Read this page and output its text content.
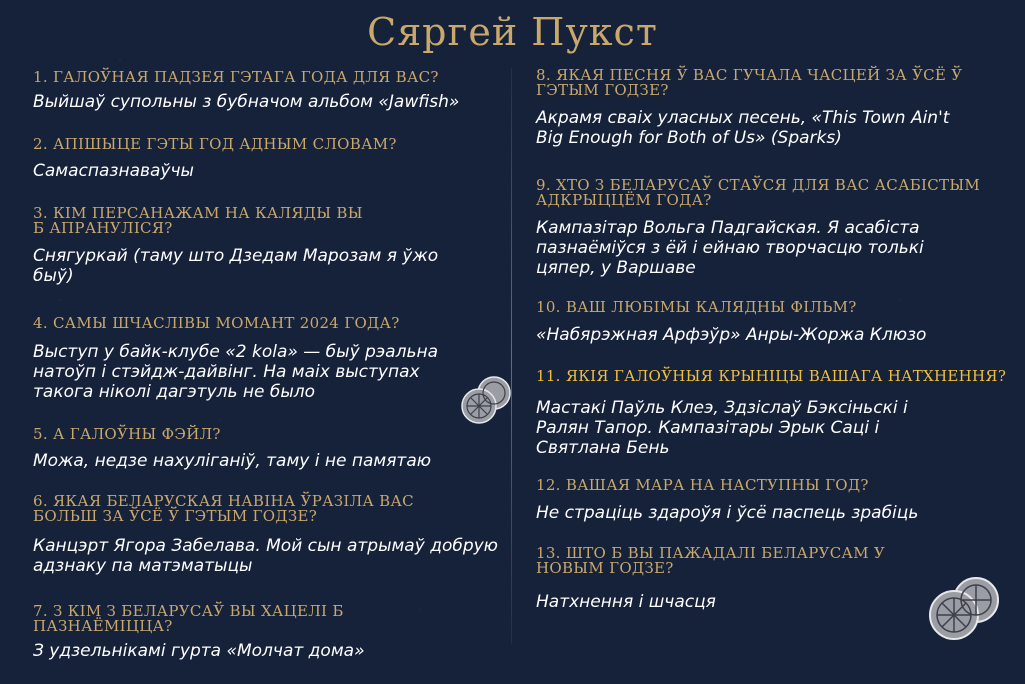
Сяргей Пукст
1. ГАЛОЎНАЯ ПАДЗЕЯ ГЭТАГА ГОДА ДЛЯ ВАС?
Выйшаў супольны з бубначом альбом «Jawfish»
2. АПІШЫЦЕ ГЭТЫ ГОД АДНЫМ СЛОВАМ?
Самаспазнаваўчы
3. КІМ ПЕРСАНАЖАМ НА КАЛЯДЫ ВЫ Б АПРАНУЛIСЯ?
Снягуркай (таму што Дзедам Марозам я ўжо быў)
4. САМЫ ШЧАСЛІВЫ МОМАНТ 2024 ГОДА?
Выступ у байк-клубе «2 kola» — быў рэальна натоўп і стэйдж-дайвінг. На маіх выступах такога ніколі дагэтуль не было
5. А ГАЛОЎНЫ ФЭЙЛ?
Можа, недзе нахуліганіў, таму і не памятаю
6. ЯКАЯ БЕЛАРУСКАЯ НАВІНА ЎРАЗІЛА ВАС БОЛЬШ ЗА ЎСЁ Ў ГЭТЫМ ГОДЗЕ?
Канцэрт Ягора Забелава. Мой сын атрымаў добрую адзнаку па матэматыцы
7. З КІМ З БЕЛАРУСАЎ ВЫ ХАЦЕЛІ Б ПАЗНАЁМІЦЦА?
З удзельнікамі гурта «Молчат дома»
8. ЯКАЯ ПЕСНЯ Ў ВАС ГУЧАЛА ЧАСЦЕЙ ЗА ЎСЁ Ў ГЭТЫМ ГОДЗЕ?
Акрамя сваіх уласных песень, «This Town Ain't Big Enough for Both of Us» (Sparks)
9. ХТО З БЕЛАРУСАЎ СТАЎСЯ ДЛЯ ВАС АСАБІСТЫМ АДКРЫЦЦЁМ ГОДА?
Кампазітар Вольга Падгайская. Я асабіста пазнаёміўся з ёй і ейнаю творчасцю толькі цяпер, у Варшаве
10. ВАШ ЛЮБІМЫ КАЛЯДНЫ ФІЛЬМ?
«Набярэжная Арфэўр» Анры-Жоржа Клюзо
11. ЯКІЯ ГАЛОЎНЫЯ КРЫНІЦЫ ВАШАГА НАТХНЕННЯ?
Мастакі Паўль Клеэ, Здзіслаў Бэксіньскі і Ралян Тапор. Кампазітары Эрык Саці і Святлана Бень
12. ВАШАЯ МАРА НА НАСТУПНЫ ГОД?
Не страціць здароўя і ўсё паспець зрабіць
13. ШТО Б ВЫ ПАЖАДАЛІ БЕЛАРУСАМ У НОВЫМ ГОДЗЕ?
Натхнення і шчасця
